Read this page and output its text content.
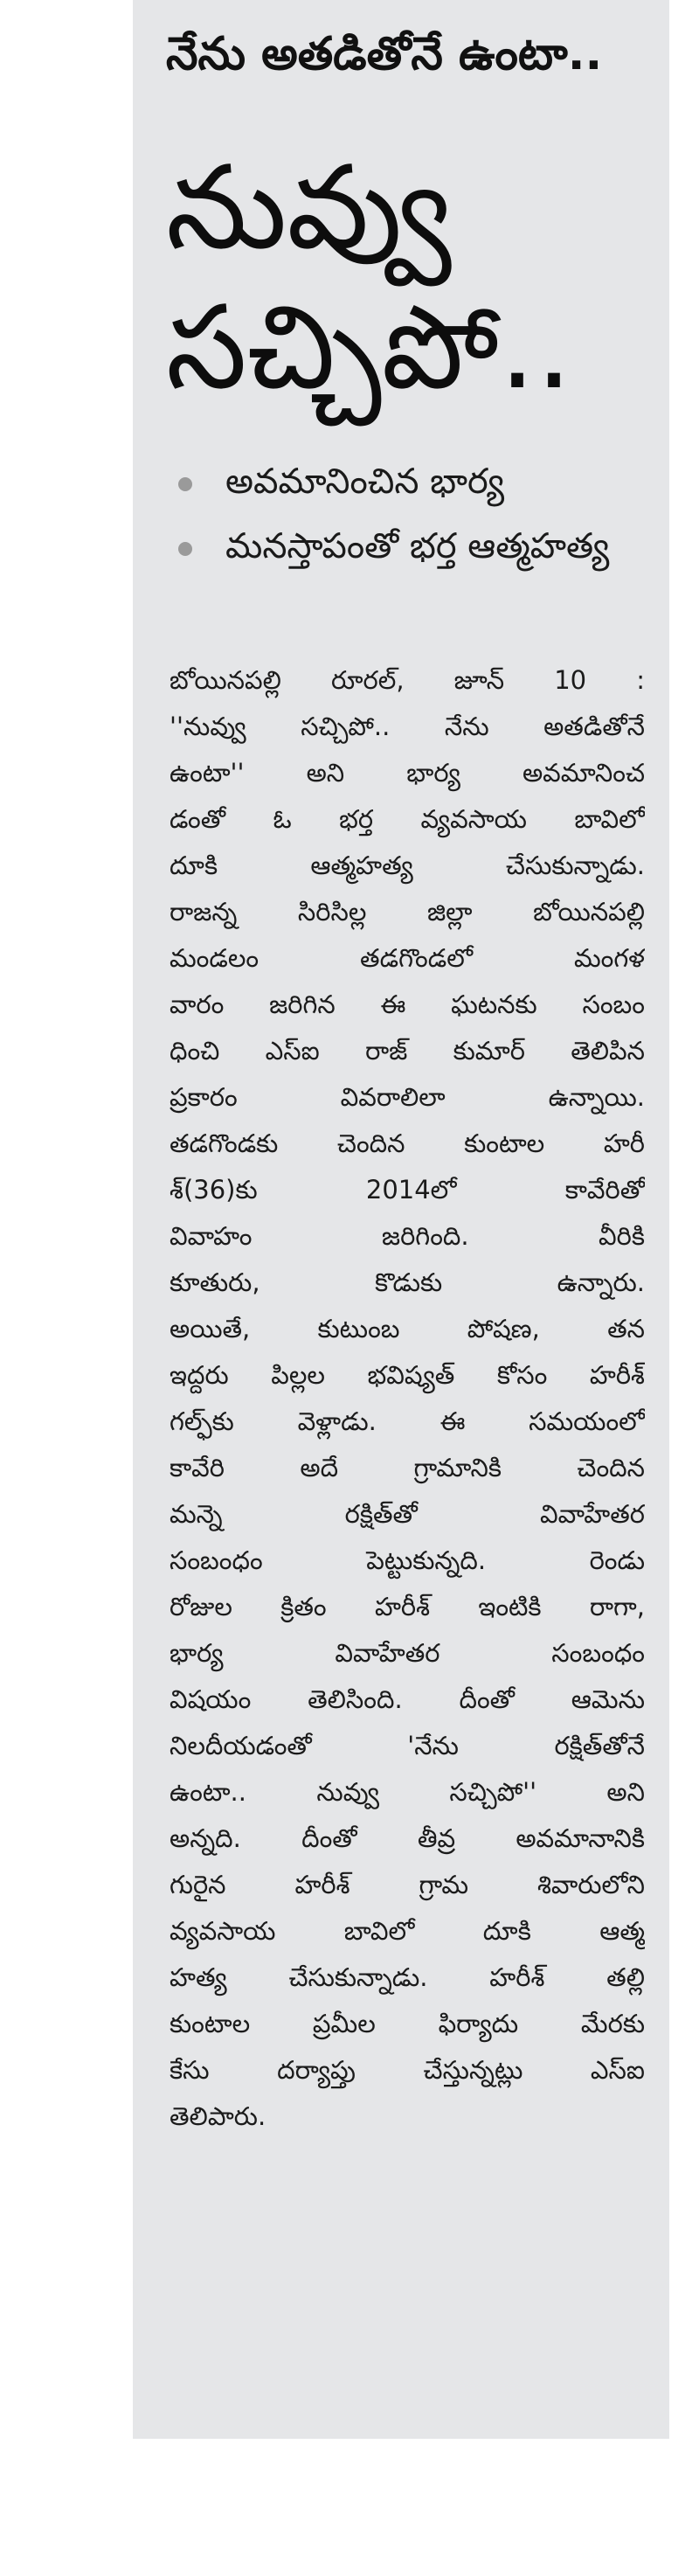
నేను అతడితోనే ఉంటా..
నువ్వు
సచ్చిపో..
అవమానించిన భార్య
మనస్తాపంతో భర్త ఆత్మహత్య
బోయినపల్లి రూరల్‌, జూన్‌ 10 :
''నువ్వు సచ్చిపో.. నేను అతడితోనే
ఉంటా'' అని భార్య అవమానించ
డంతో ఓ భర్త వ్యవసాయ బావిలో
దూకి ఆత్మహత్య చేసుకున్నాడు.
రాజన్న సిరిసిల్ల జిల్లా బోయినపల్లి
మండలం తడగొండలో మంగళ
వారం జరిగిన ఈ ఘటనకు సంబం
ధించి ఎస్‌ఐ రాజ్‌ కుమార్‌ తెలిపిన
ప్రకారం వివరాలిలా ఉన్నాయి.
తడగొండకు చెందిన కుంటాల హరీ
శ్‌(36)కు 2014లో కావేరితో
వివాహం జరిగింది. వీరికి
కూతురు, కొడుకు ఉన్నారు.
అయితే, కుటుంబ పోషణ, తన
ఇద్దరు పిల్లల భవిష్యత్‌ కోసం హరీశ్‌
గల్ఫ్‌కు వెళ్లాడు. ఈ సమయంలో
కావేరి అదే గ్రామానికి చెందిన
మన్నె రక్షిత్‌తో వివాహేతర
సంబంధం పెట్టుకున్నది. రెండు
రోజుల క్రితం హరీశ్‌ ఇంటికి రాగా,
భార్య వివాహేతర సంబంధం
విషయం తెలిసింది. దీంతో ఆమెను
నిలదీయడంతో 'నేను రక్షిత్‌తోనే
ఉంటా.. నువ్వు సచ్చిపో'' అని
అన్నది. దీంతో తీవ్ర అవమానానికి
గురైన హరీశ్‌ గ్రామ శివారులోని
వ్యవసాయ బావిలో దూకి ఆత్మ
హత్య చేసుకున్నాడు. హరీశ్‌ తల్లి
కుంటాల ప్రమీల ఫిర్యాదు మేరకు
కేసు దర్యాప్తు చేస్తున్నట్లు ఎస్‌ఐ
తెలిపారు.
